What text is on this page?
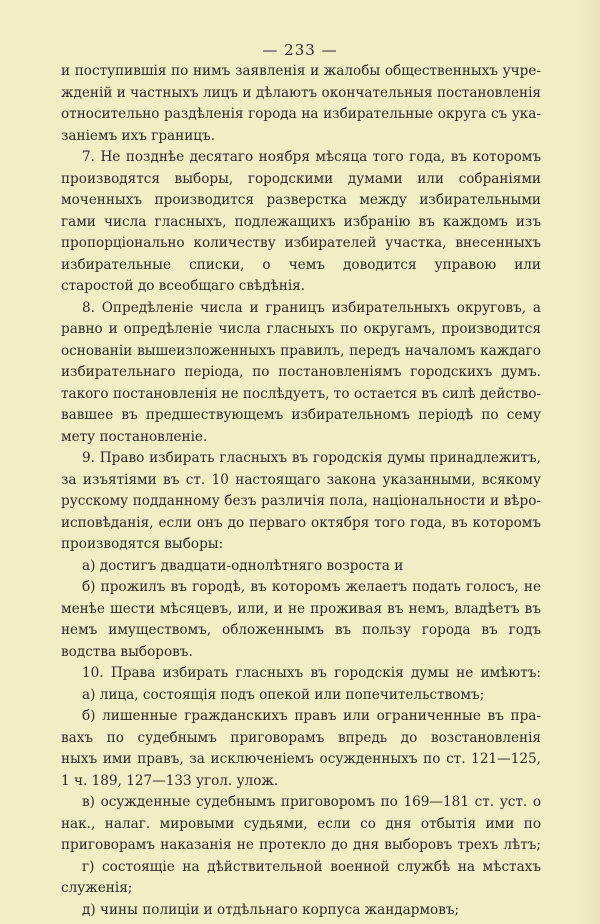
— 233 —
и поступившія по нимъ заявленія и жалобы общественныхъ учре-
жденій и частныхъ лицъ и дѣлаютъ окончательныя постановленія
относительно раздѣленія города на избирательные округа съ ука-
заніемъ ихъ границъ.
7. Не позднѣе десятаго ноября мѣсяца того года, въ которомъ
производятся выборы, городскими думами или собраніями
моченныхъ производится разверстка между избирательными
гами числа гласныхъ, подлежащихъ избранію въ каждомъ изъ
пропорціонально количеству избирателей участка, внесенныхъ
избирательные списки, о чемъ доводится управою или
старостой до всеобщаго свѣдѣнія.
8. Опредѣленіе числа и границъ избирательныхъ округовъ, а
равно и опредѣленіе числа гласныхъ по округамъ, производится
основаніи вышеизложенныхъ правилъ, передъ началомъ каждаго
избирательнаго періода, по постановленіямъ городскихъ думъ.
такого постановленія не послѣдуетъ, то остается въ силѣ действо-
вавшее въ предшествующемъ избирательномъ періодѣ по сему
мету постановленіе.
9. Право избирать гласныхъ въ городскія думы принадлежитъ,
за изъятіями въ ст. 10 настоящаго закона указанными, всякому
русскому подданному безъ различія пола, національности и вѣро-
исповѣданія, если онъ до перваго октября того года, въ которомъ
производятся выборы:
а) достигъ двадцати-однолѣтняго возроста и
б) прожилъ въ городѣ, въ которомъ желаетъ подать голосъ, не
менѣе шести мѣсяцевъ, или, и не проживая въ немъ, владѣетъ въ
немъ имуществомъ, обложеннымъ въ пользу города въ годъ
водства выборовъ.
10. Права избирать гласныхъ въ городскія думы не имѣютъ:
а) лица, состоящія подъ опекой или попечительствомъ;
б) лишенные гражданскихъ правъ или ограниченные въ пра-
вахъ по судебнымъ приговорамъ впредь до возстановленія
ныхъ ими правъ, за исключеніемъ осужденныхъ по ст. 121—125,
1 ч. 189, 127—133 угол. улож.
в) осужденные судебнымъ приговоромъ по 169—181 ст. уст. о
нак., налаг. мировыми судьями, если со дня отбытія ими по
приговорамъ наказанія не протекло до дня выборовъ трехъ лѣтъ;
г) состоящіе на дѣйствительной военной службѣ на мѣстахъ
служенія;
д) чины полиціи и отдѣльнаго корпуса жандармовъ;
